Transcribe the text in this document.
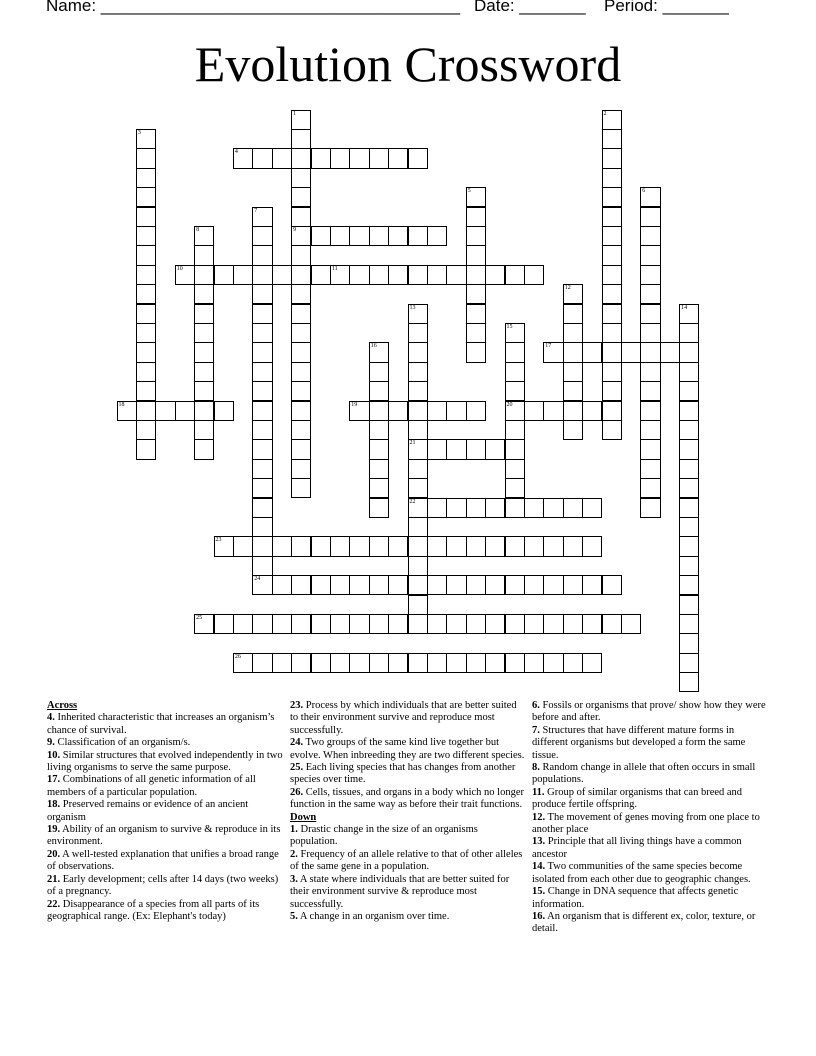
Name: ______________________________________ Date: _______ Period: _______
Evolution Crossword
1
9
2
3
4
5	6
7
24
8
10	11
12
13
21
22
14
15
20
16	17
18	19
23
25
26

Across

4. Inherited characteristic that increases an organism’s chance of survival.

9. Classification of an organism/s.

10. Similar structures that evolved independently in two living organisms to serve the same purpose.

17. Combinations of all genetic information of all members of a particular population.

18. Preserved remains or evidence of an ancient organism

19. Ability of an organism to survive & reproduce in its environment.

20. A well-tested explanation that unifies a broad range of observations.

21. Early development; cells after 14 days (two weeks) of a pregnancy.

22. Disappearance of a species from all parts of its geographical range. (Ex: Elephant's today)

23. Process by which individuals that are better suited to their environment survive and reproduce most successfully.

24. Two groups of the same kind live together but evolve. When inbreeding they are two different species.

25. Each living species that has changes from another species over time.

26. Cells, tissues, and organs in a body which no longer function in the same way as before their trait functions.

Down

1. Drastic change in the size of an organisms population.

2. Frequency of an allele relative to that of other alleles of the same gene in a population.

3. A state where individuals that are better suited for their environment survive & reproduce most successfully.

5. A change in an organism over time.

6. Fossils or organisms that prove/ show how they were before and after.

7. Structures that have different mature forms in different organisms but developed a form the same tissue.

8. Random change in allele that often occurs in small populations.

11. Group of similar organisms that can breed and produce fertile offspring.

12. The movement of genes moving from one place to another place

13. Principle that all living things have a common ancestor

14. Two communities of the same species become isolated from each other due to geographic changes.

15. Change in DNA sequence that affects genetic information.

16. An organism that is different ex, color, texture, or detail.
